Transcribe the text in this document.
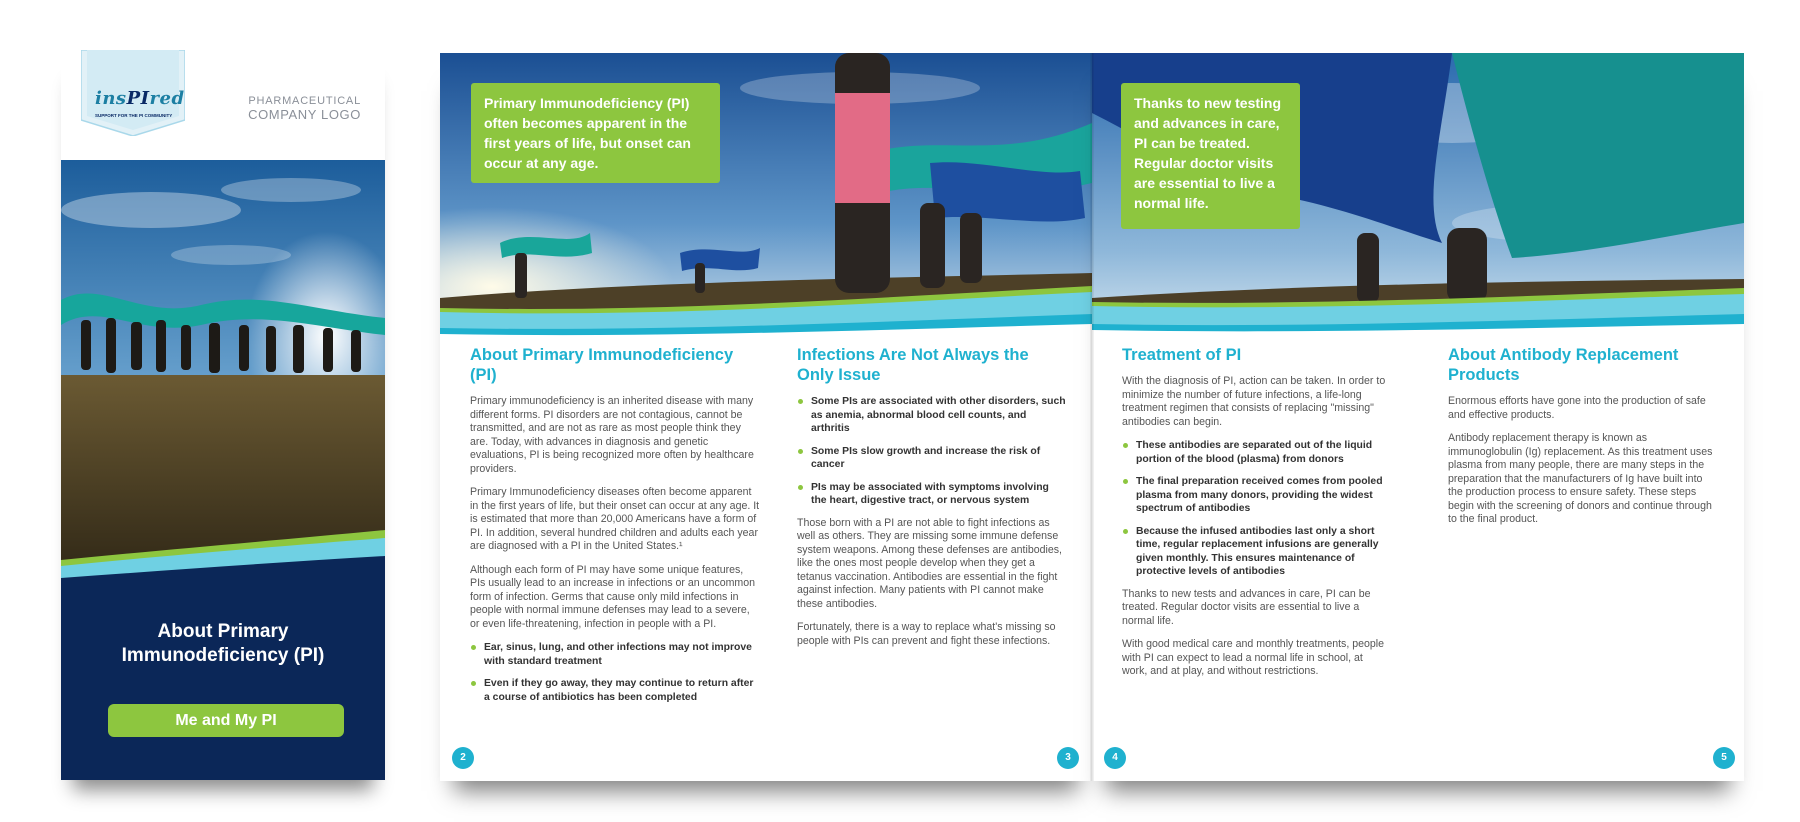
insPIred
SUPPORT FOR THE PI COMMUNITY
PHARMACEUTICAL
COMPANY LOGO
About Primary
Immunodeficiency (PI)
Me and My PI
Primary Immunodeficiency (PI) often becomes apparent in the first years of life, but onset can occur at any age.
About Primary Immunodeficiency (PI)

Primary immunodeficiency is an inherited disease with many different forms. PI disorders are not contagious, cannot be transmitted, and are not as rare as most people think they are. Today, with advances in diagnosis and genetic evaluations, PI is being recognized more often by healthcare providers.

Primary Immunodeficiency diseases often become apparent in the first years of life, but their onset can occur at any age. It is estimated that more than 20,000 Americans have a form of PI. In addition, several hundred children and adults each year are diagnosed with a PI in the United States.¹

Although each form of PI may have some unique features, PIs usually lead to an increase in infections or an uncommon form of infection. Germs that cause only mild infections in people with normal immune defenses may lead to a severe, or even life-threatening, infection in people with a PI.

Ear, sinus, lung, and other infections may not improve with standard treatment
Even if they go away, they may continue to return after a course of antibiotics has been completed
Infections Are Not Always the Only Issue
Some PIs are associated with other disorders, such as anemia, abnormal blood cell counts, and arthritis
Some PIs slow growth and increase the risk of cancer
PIs may be associated with symptoms involving the heart, digestive tract, or nervous system

Those born with a PI are not able to fight infections as well as others. They are missing some immune defense system weapons. Among these defenses are antibodies, like the ones most people develop when they get a tetanus vaccination. Antibodies are essential in the fight against infection. Many patients with PI cannot make these antibodies.

Fortunately, there is a way to replace what's missing so people with PIs can prevent and fight these infections.

2	3
Thanks to new testing and advances in care, PI can be treated. Regular doctor visits are essential to live a normal life.
Treatment of PI

With the diagnosis of PI, action can be taken. In order to minimize the number of future infections, a life-long treatment regimen that consists of replacing "missing" antibodies can begin.

These antibodies are separated out of the liquid portion of the blood (plasma) from donors
The final preparation received comes from pooled plasma from many donors, providing the widest spectrum of antibodies
Because the infused antibodies last only a short time, regular replacement infusions are generally given monthly. This ensures maintenance of protective levels of antibodies

Thanks to new tests and advances in care, PI can be treated. Regular doctor visits are essential to live a normal life.

With good medical care and monthly treatments, people with PI can expect to lead a normal life in school, at work, and at play, and without restrictions.

About Antibody Replacement Products

Enormous efforts have gone into the production of safe and effective products.

Antibody replacement therapy is known as immunoglobulin (Ig) replacement. As this treatment uses plasma from many people, there are many steps in the preparation that the manufacturers of Ig have built into the production process to ensure safety. These steps begin with the screening of donors and continue through to the final product.

4	5
